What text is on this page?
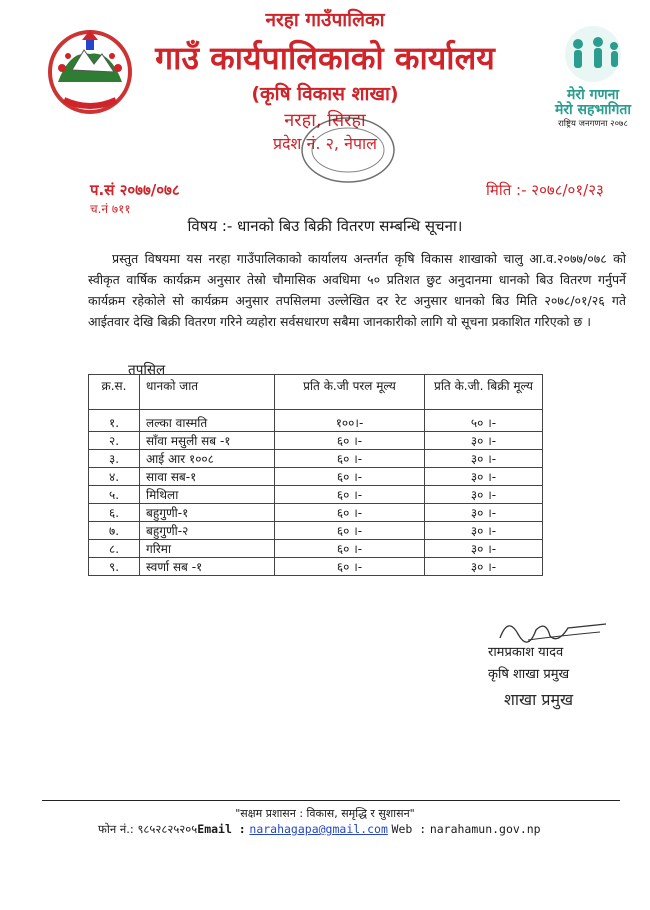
मेरो गणना
मेरो सहभागिता
राष्ट्रिय जनगणना २०७८
नरहा गाउँपालिका
गाउँ कार्यपालिकाको कार्यालय
(कृषि विकास शाखा)
नरहा, सिरहा
प्रदेश नं. २, नेपाल
प.सं २०७७/०७८
च.नं ७११
मिति :- २०७८/०१/२३
विषय :- धानको बिउ बिक्री वितरण सम्बन्धि सूचना।

प्रस्तुत विषयमा यस नरहा गाउँपालिकाको कार्यालय अन्तर्गत कृषि विकास शाखाको चालु आ.व.२०७७/०७८ को स्वीकृत वार्षिक कार्यक्रम अनुसार तेस्रो चौमासिक अवधिमा ५० प्रतिशत छुट अनुदानमा धानको बिउ वितरण गर्नुपर्ने कार्यक्रम रहेकोले सो कार्यक्रम अनुसार तपसिलमा उल्लेखित दर रेट अनुसार धानको बिउ मिति २०७८/०१/२६ गते आईतवार देखि बिक्री वितरण गरिने व्यहोरा सर्वसधारण सबैमा जानकारीको लागि यो सूचना प्रकाशित गरिएको छ ।

तपसिल
क्र.स.	धानको जात	प्रति के.जी परल मूल्य	प्रति के.जी. बिक्री मूल्य
१.	लल्का वास्मति	१००।-	५० ।-
२.	साँवा मसुली सब -१	६० ।-	३० ।-
३.	आई आर १००८	६० ।-	३० ।-
४.	सावा सब-१	६० ।-	३० ।-
५.	मिथिला	६० ।-	३० ।-
६.	बहुगुणी-१	६० ।-	३० ।-
७.	बहुगुणी-२	६० ।-	३० ।-
८.	गरिमा	६० ।-	३० ।-
९.	स्वर्णा सब -१	६० ।-	३० ।-
रामप्रकाश यादव
कृषि शाखा प्रमुख
शाखा प्रमुख
"सक्षम प्रशासन : विकास, समृद्धि र सुशासन"
फोन नं.: ९८५२८२५२०५Email : narahagapa@gmail.com Web : narahamun.gov.np
